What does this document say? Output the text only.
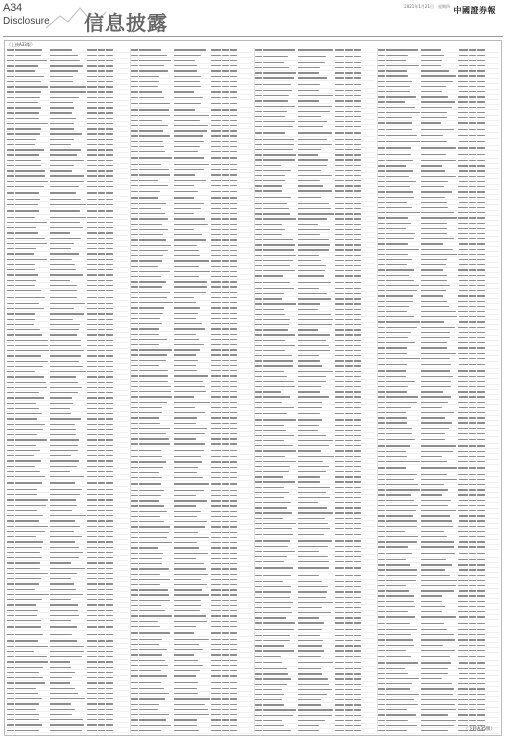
A34
Disclosure 信息披露
2021年1月21日 星期四 中國證券報
（上接A33版）
（下转A35版）
